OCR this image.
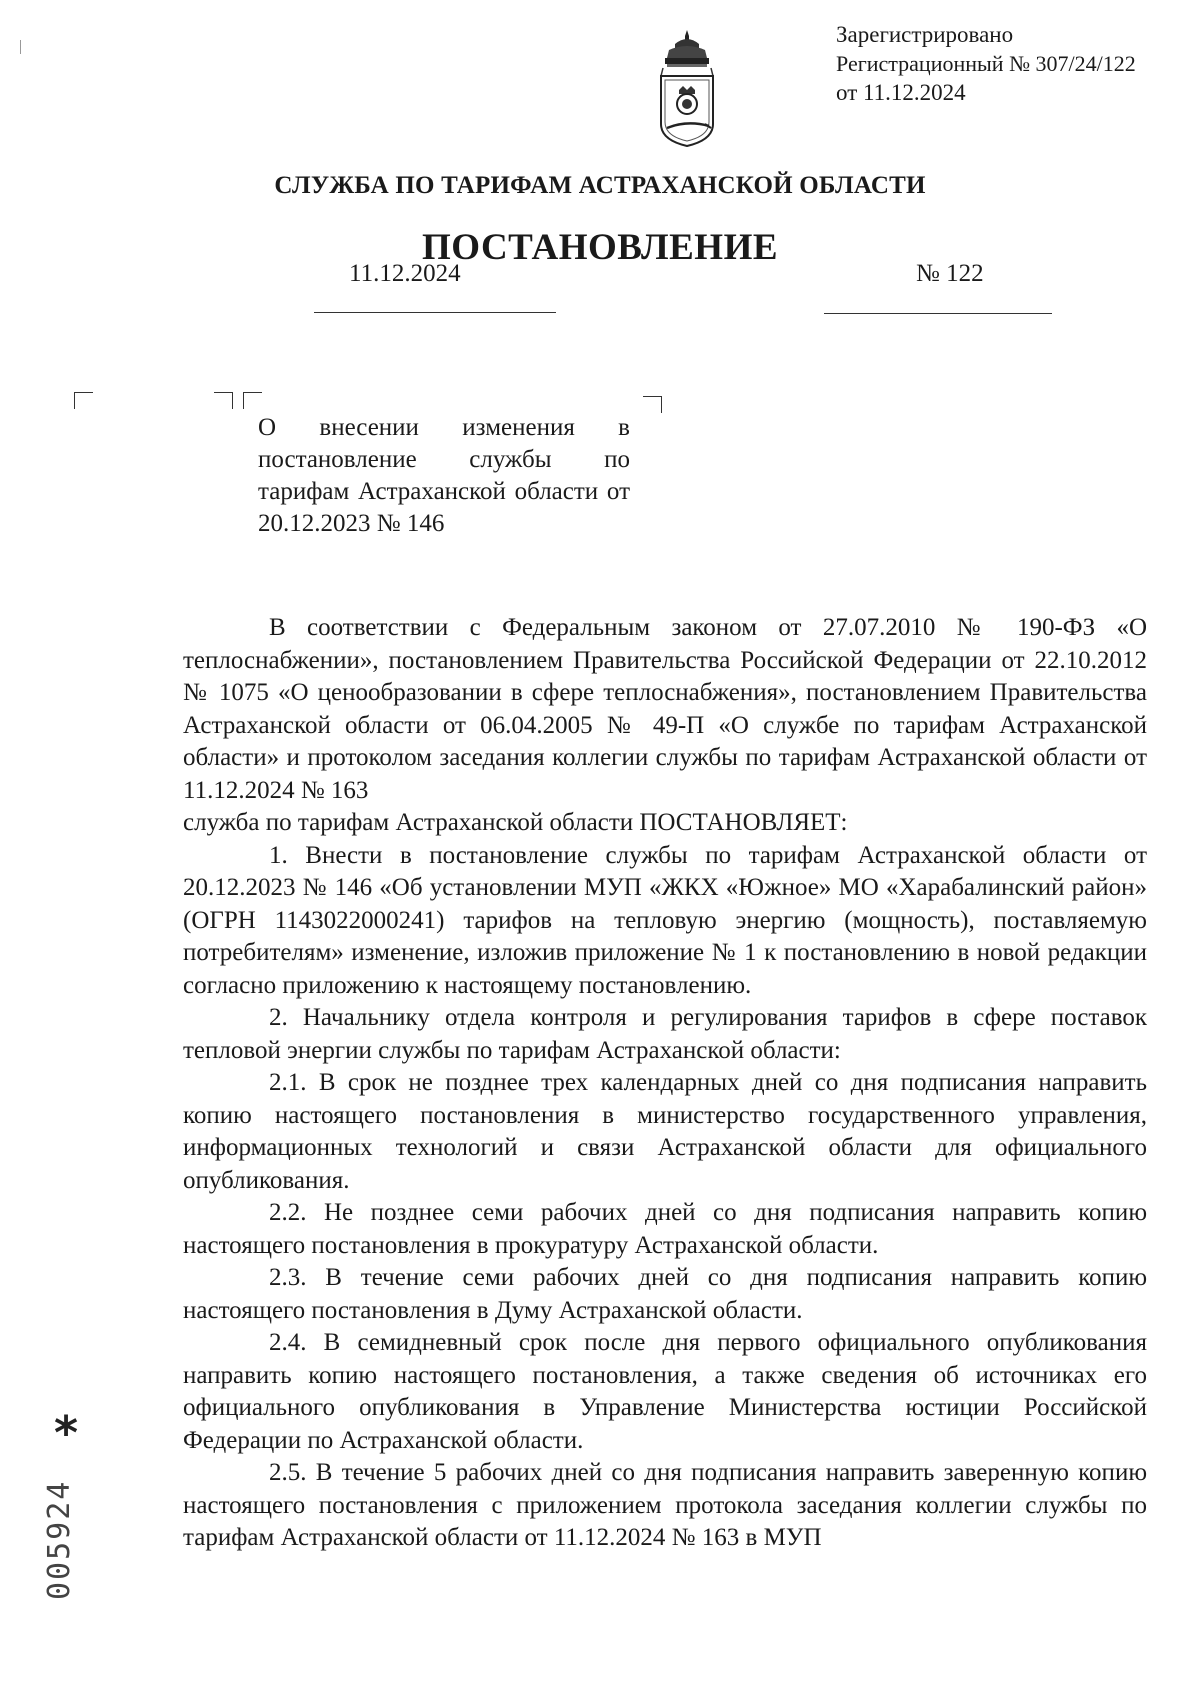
Зарегистрировано
Регистрационный № 307/24/122
от 11.12.2024
СЛУЖБА ПО ТАРИФАМ АСТРАХАНСКОЙ ОБЛАСТИ
ПОСТАНОВЛЕНИЕ
11.12.2024	№ 122
О внесении изменения в постановление службы по тарифам Астраханской области от 20.12.2023 № 146

В соответствии с Федеральным законом от 27.07.2010 № 190-ФЗ «О теплоснабжении», постановлением Правительства Российской Федерации от 22.10.2012 № 1075 «О ценообразовании в сфере теплоснабжения», постановлением Правительства Астраханской области от 06.04.2005 № 49-П «О службе по тарифам Астраханской области» и протоколом заседания коллегии службы по тарифам Астраханской области от 11.12.2024 № 163

служба по тарифам Астраханской области ПОСТАНОВЛЯЕТ:

1. Внести в постановление службы по тарифам Астраханской области от 20.12.2023 № 146 «Об установлении МУП «ЖКХ «Южное» МО «Харабалинский район» (ОГРН 1143022000241) тарифов на тепловую энергию (мощность), поставляемую потребителям» изменение, изложив приложение № 1 к постановлению в новой редакции согласно приложению к настоящему постановлению.

2. Начальнику отдела контроля и регулирования тарифов в сфере поставок тепловой энергии службы по тарифам Астраханской области:

2.1. В срок не позднее трех календарных дней со дня подписания направить копию настоящего постановления в министерство государственного управления, информационных технологий и связи Астраханской области для официального опубликования.

2.2. Не позднее семи рабочих дней со дня подписания направить копию настоящего постановления в прокуратуру Астраханской области.

2.3. В течение семи рабочих дней со дня подписания направить копию настоящего постановления в Думу Астраханской области.

2.4. В семидневный срок после дня первого официального опубликования направить копию настоящего постановления, а также сведения об источниках его официального опубликования в Управление Министерства юстиции Российской Федерации по Астраханской области.

2.5. В течение 5 рабочих дней со дня подписания направить заверенную копию настоящего постановления с приложением протокола заседания коллегии службы по тарифам Астраханской области от 11.12.2024 № 163 в МУП

005924
*
